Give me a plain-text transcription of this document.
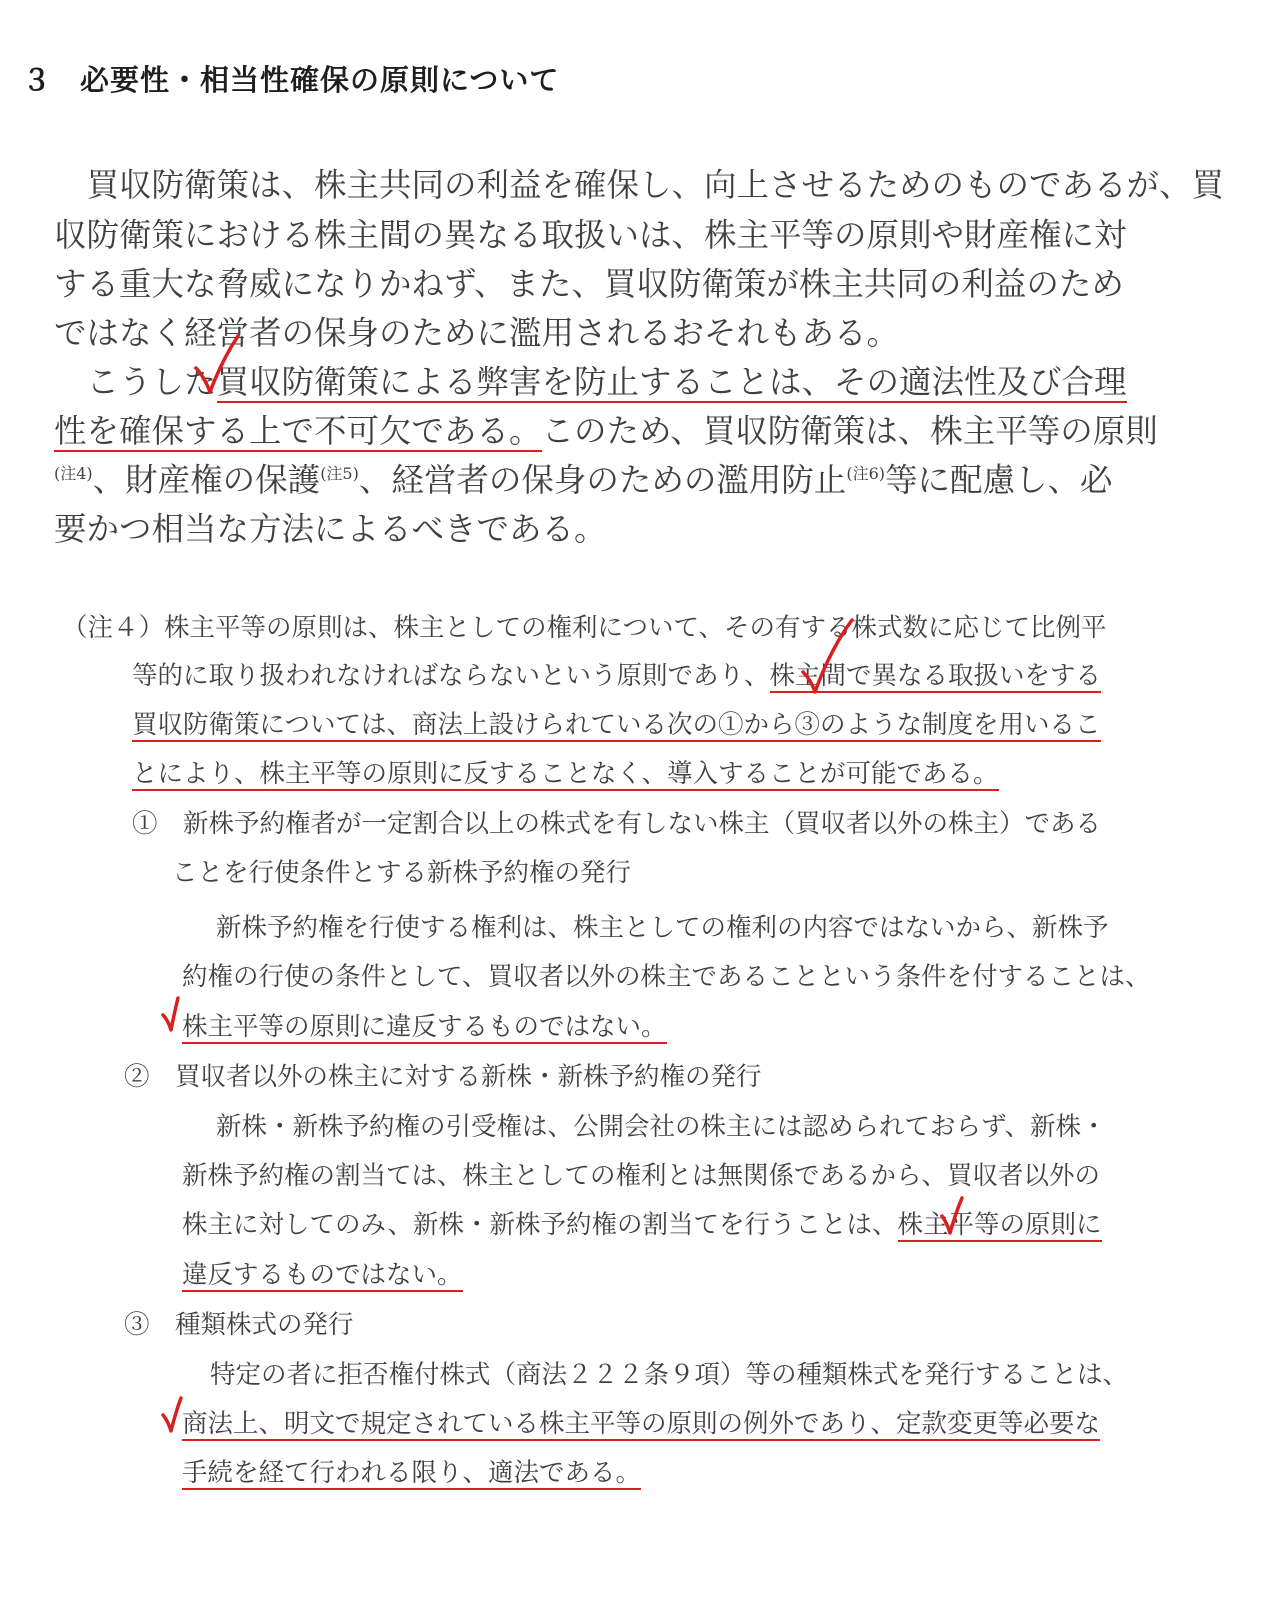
３ 必要性・相当性確保の原則について
　買収防衛策は、株主共同の利益を確保し、向上させるためのものであるが、買
収防衛策における株主間の異なる取扱いは、株主平等の原則や財産権に対
する重大な脅威になりかねず、また、買収防衛策が株主共同の利益のため
ではなく経営者の保身のために濫用されるおそれもある。
　こうした買収防衛策による弊害を防止することは、その適法性及び合理
性を確保する上で不可欠である。このため、買収防衛策は、株主平等の原則
$^{(注4)}$、財産権の保護$^{(注5)}$、経営者の保身のための濫用防止$^{(注6)}$等に配慮し、必
要かつ相当な方法によるべきである。
（注４）株主平等の原則は、株主としての権利について、その有する株式数に応じて比例平
等的に取り扱われなければならないという原則であり、株主間で異なる取扱いをする
買収防衛策については、商法上設けられている次の①から③のような制度を用いるこ
とにより、株主平等の原則に反することなく、導入することが可能である。
①　新株予約権者が一定割合以上の株式を有しない株主（買収者以外の株主）である
ことを行使条件とする新株予約権の発行
新株予約権を行使する権利は、株主としての権利の内容ではないから、新株予
約権の行使の条件として、買収者以外の株主であることという条件を付することは、
株主平等の原則に違反するものではない。
②　買収者以外の株主に対する新株・新株予約権の発行
新株・新株予約権の引受権は、公開会社の株主には認められておらず、新株・
新株予約権の割当ては、株主としての権利とは無関係であるから、買収者以外の
株主に対してのみ、新株・新株予約権の割当てを行うことは、株主平等の原則に
違反するものではない。
③　種類株式の発行
特定の者に拒否権付株式（商法２２２条９項）等の種類株式を発行することは、
商法上、明文で規定されている株主平等の原則の例外であり、定款変更等必要な
手続を経て行われる限り、適法である。
